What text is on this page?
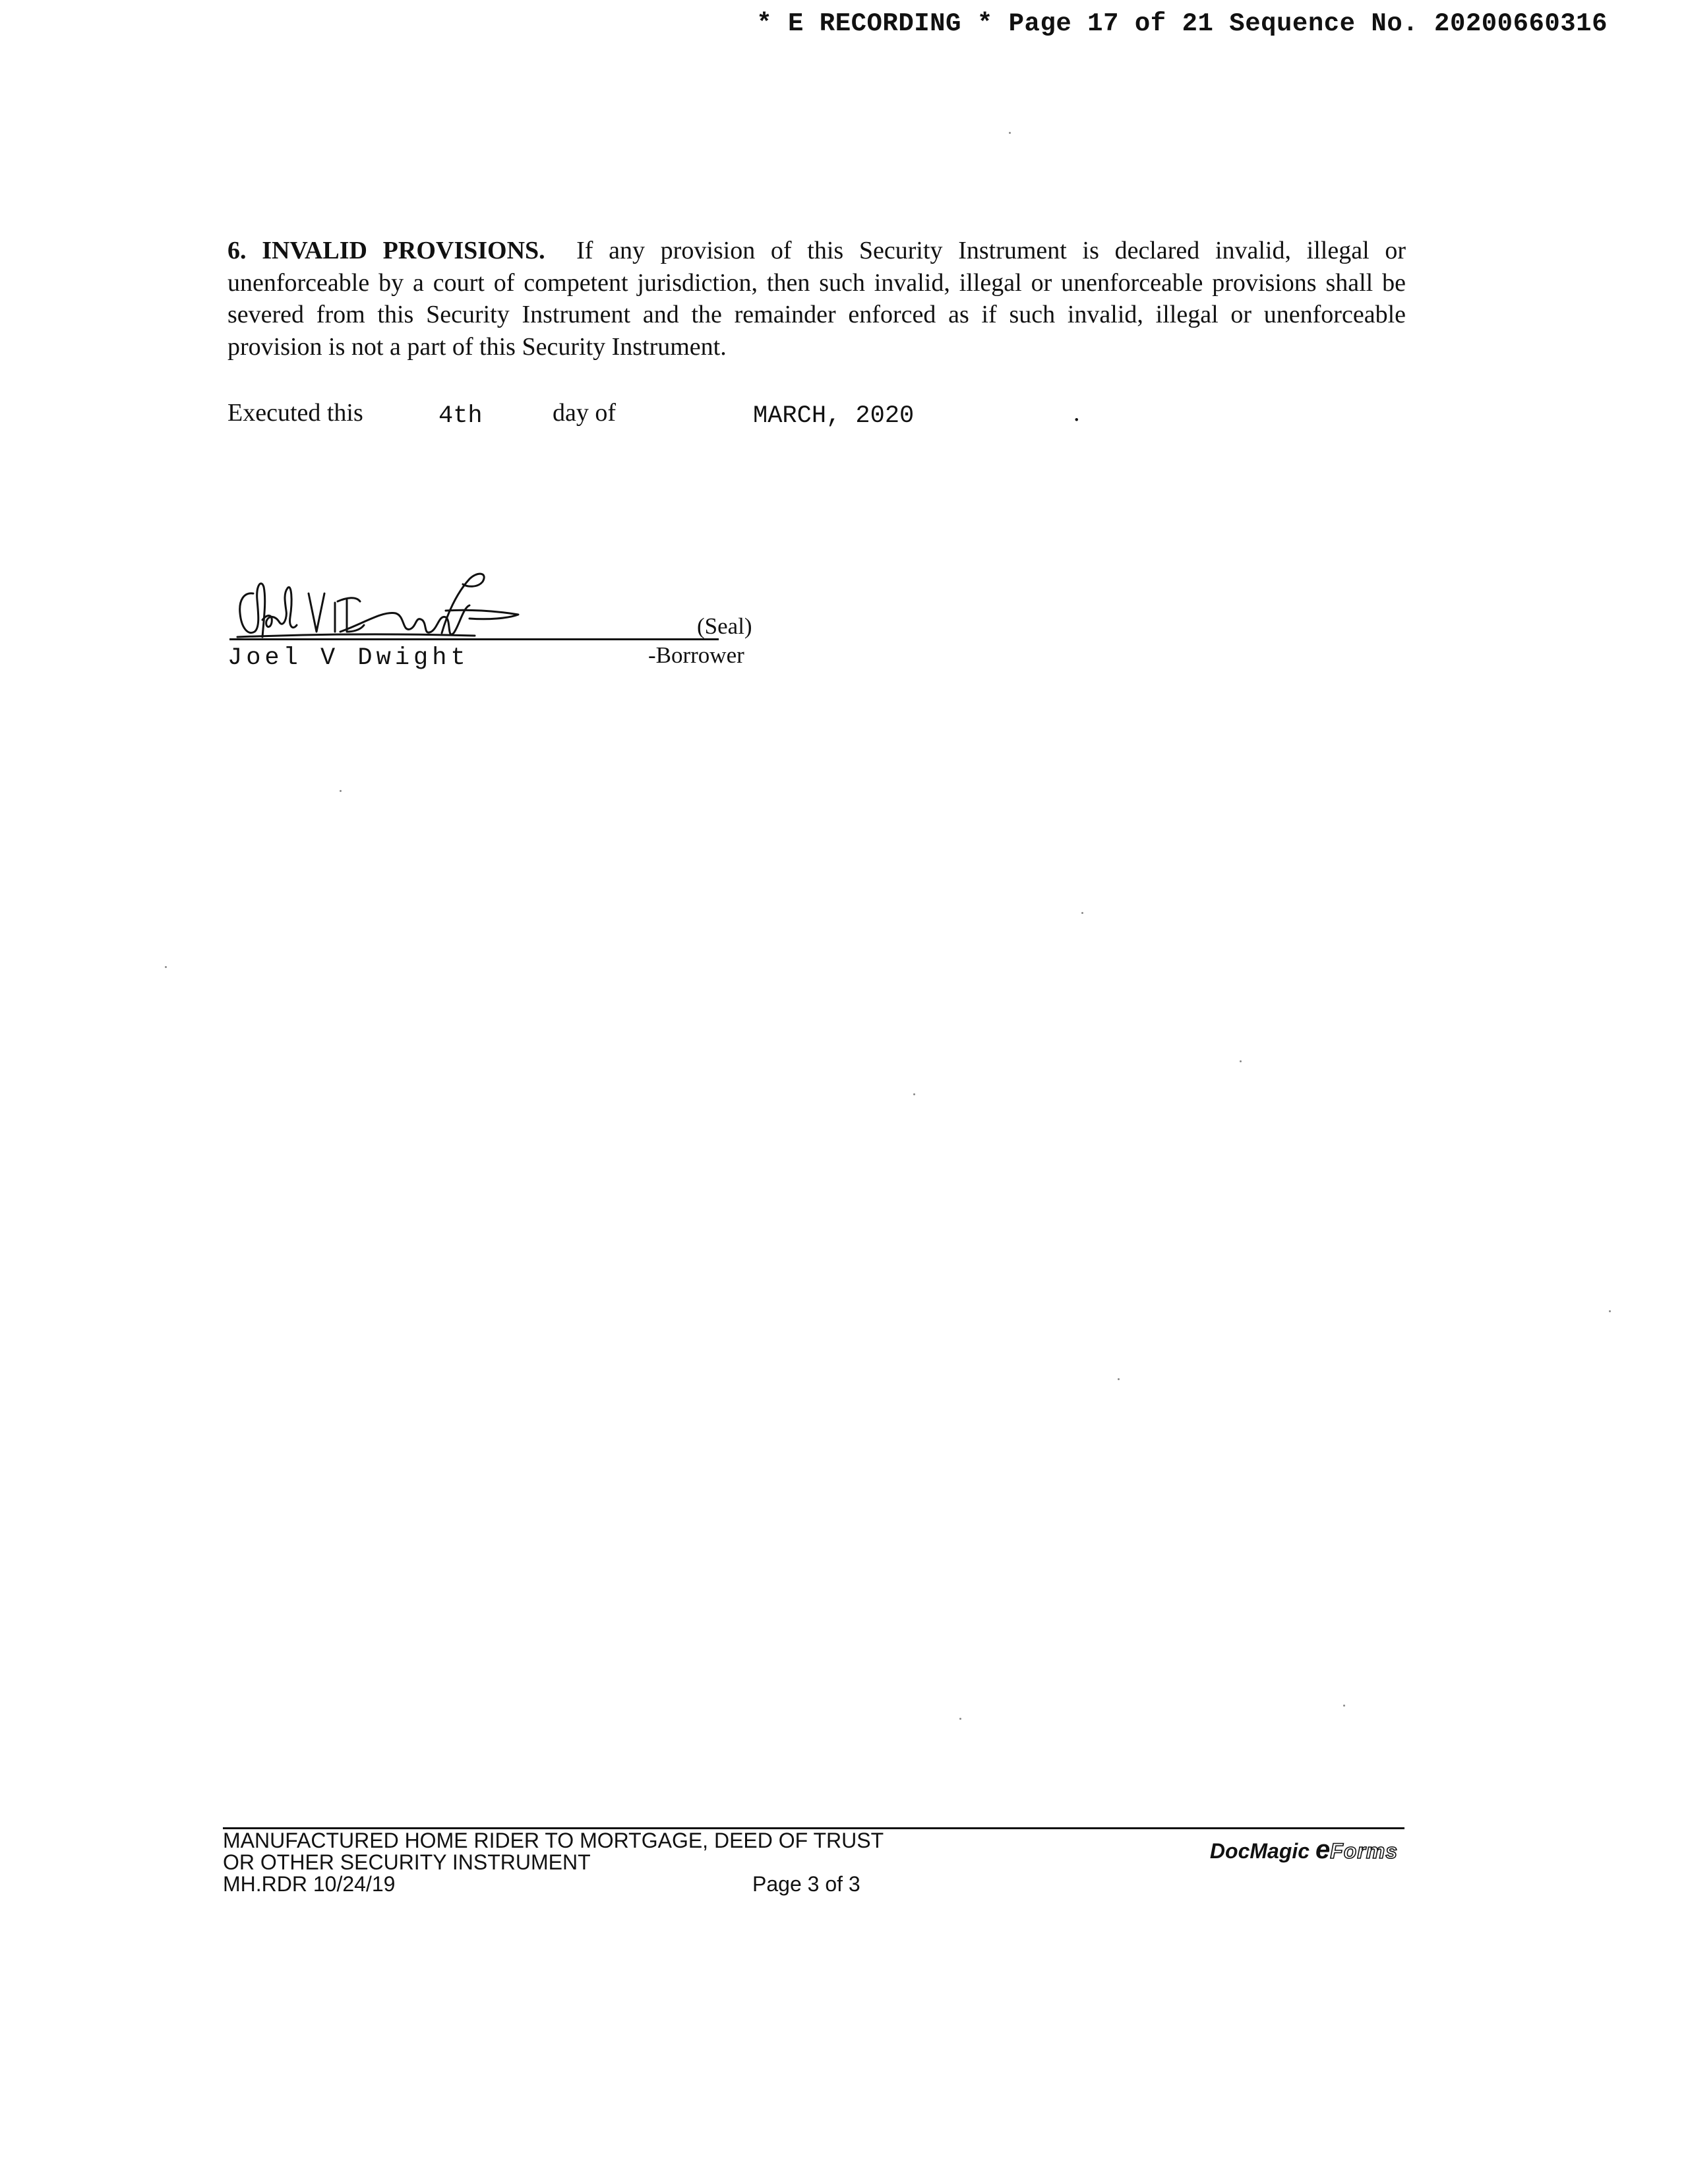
* E RECORDING * Page 17 of 21 Sequence No. 20200660316
6. INVALID PROVISIONS. If any provision of this Security Instrument is declared invalid, illegal or unenforceable by a court of competent jurisdiction, then such invalid, illegal or unenforceable provisions shall be severed from this Security Instrument and the remainder enforced as if such invalid, illegal or unenforceable provision is not a part of this Security Instrument.
Executed this	4th	day of	MARCH, 2020	.
(Seal)
Joel V Dwight	-Borrower
MANUFACTURED HOME RIDER TO MORTGAGE, DEED OF TRUST
OR OTHER SECURITY INSTRUMENT
MH.RDR 10/24/19	Page 3 of 3
DocMagic eForms
